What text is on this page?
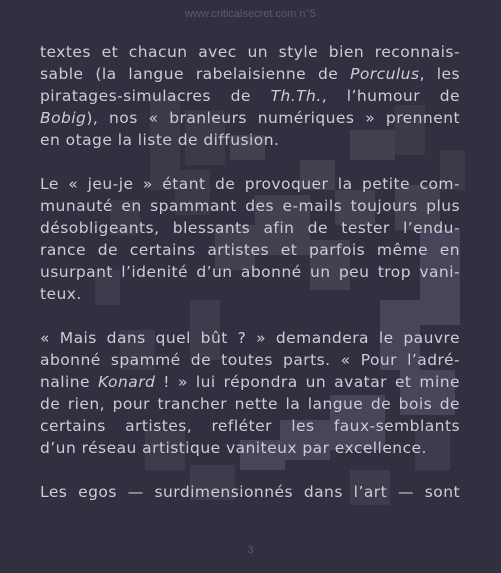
www.criticalsecret.com n°5

textes et chacun avec un style bien reconnais-
sable (la langue rabelaisienne de Porculus, les
piratages-simulacres de Th.Th., l’humour de
Bobig), nos « branleurs numériques » prennent
en otage la liste de diffusion.

Le « jeu-je » étant de provoquer la petite com-
munauté en spammant des e-mails toujours plus
désobligeants, blessants afin de tester l’endu-
rance de certains artistes et parfois même en
usurpant l’idenité d’un abonné un peu trop vani-
teux.

« Mais dans quel bût ? » demandera le pauvre
abonné spammé de toutes parts. « Pour l’adré-
naline Konard ! » lui répondra un avatar et mine
de rien, pour trancher nette la langue de bois de
certains artistes, refléter les faux-semblants
d’un réseau artistique vaniteux par excellence.

Les egos — surdimensionnés dans l’art — sont

3
